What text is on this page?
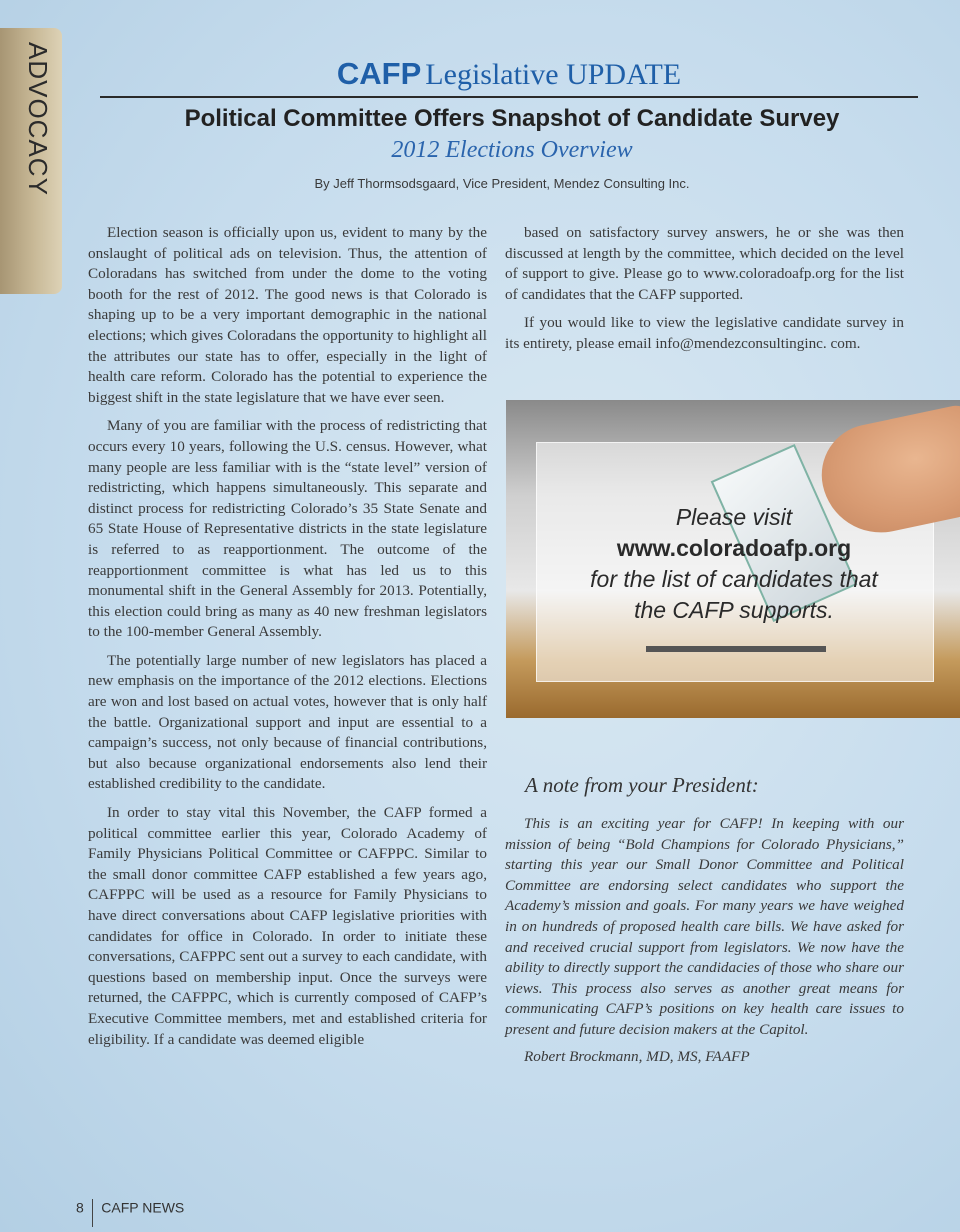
ADVOCACY	CAFP Legislative UPDATE
Political Committee Offers Snapshot of Candidate Survey
2012 Elections Overview
By Jeff Thormsodsgaard, Vice President, Mendez Consulting Inc.

Election season is officially upon us, evident to many by the onslaught of political ads on television. Thus, the attention of Coloradans has switched from under the dome to the voting booth for the rest of 2012. The good news is that Colorado is shaping up to be a very important demographic in the national elections; which gives Coloradans the opportunity to highlight all the attributes our state has to offer, especially in the light of health care reform. Colorado has the potential to experience the biggest shift in the state legislature that we have ever seen.

Many of you are familiar with the process of redistricting that occurs every 10 years, following the U.S. census. However, what many people are less familiar with is the “state level” version of redistricting, which happens simultaneously. This separate and distinct process for redistricting Colorado’s 35 State Senate and 65 State House of Representative districts in the state legislature is referred to as reapportionment. The outcome of the reapportionment committee is what has led us to this monumental shift in the General Assembly for 2013. Potentially, this election could bring as many as 40 new freshman legislators to the 100-member General Assembly.

The potentially large number of new legislators has placed a new emphasis on the importance of the 2012 elections. Elections are won and lost based on actual votes, however that is only half the battle. Organizational support and input are essential to a campaign’s success, not only because of financial contributions, but also because organizational endorsements also lend their established credibility to the candidate.

In order to stay vital this November, the CAFP formed a political committee earlier this year, Colorado Academy of Family Physicians Political Committee or CAFPPC. Similar to the small donor committee CAFP established a few years ago, CAFPPC will be used as a resource for Family Physicians to have direct conversations about CAFP legislative priorities with candidates for office in Colorado. In order to initiate these conversations, CAFPPC sent out a survey to each candidate, with questions based on membership input. Once the surveys were returned, the CAFPPC, which is currently composed of CAFP’s Executive Committee members, met and established criteria for eligibility. If a candidate was deemed eligible

based on satisfactory survey answers, he or she was then discussed at length by the committee, which decided on the level of support to give. Please go to www.coloradoafp.org for the list of candidates that the CAFP supported.

If you would like to view the legislative candidate survey in its entirety, please email info@mendezconsultinginc. com.

Please visit
www.coloradoafp.org
for the list of candidates that
the CAFP supports.
A note from your President:

This is an exciting year for CAFP! In keeping with our mission of being “Bold Champions for Colorado Physicians,” starting this year our Small Donor Committee and Political Committee are endorsing select candidates who support the Academy’s mission and goals. For many years we have weighed in on hundreds of proposed health care bills. We have asked for and received crucial support from legislators. We now have the ability to directly support the candidacies of those who share our views. This process also serves as another great means for communicating CAFP’s positions on key health care issues to present and future decision makers at the Capitol.

Robert Brockmann, MD, MS, FAAFP

8 CAFP NEWS
